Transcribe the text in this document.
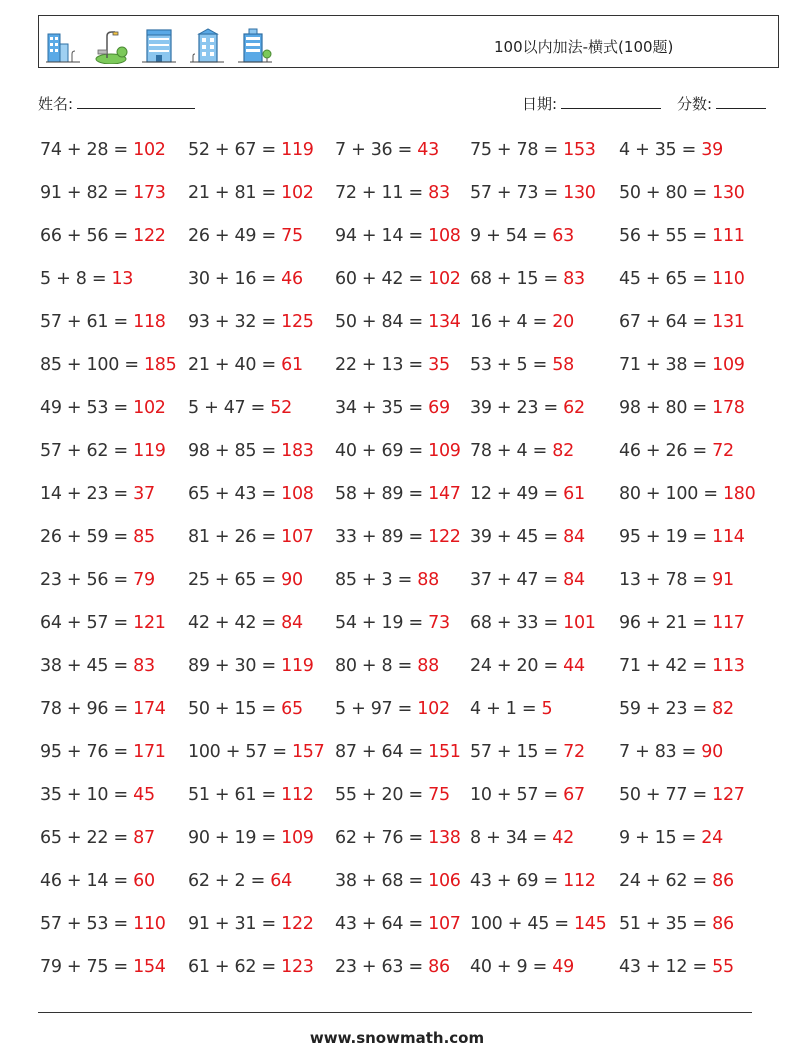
100以内加法-横式(100题)
姓名:	日期:	分数:
74 + 28 = 102 52 + 67 = 119 7 + 36 = 43 75 + 78 = 153 4 + 35 = 39
91 + 82 = 173 21 + 81 = 102 72 + 11 = 83 57 + 73 = 130 50 + 80 = 130
66 + 56 = 122 26 + 49 = 75 94 + 14 = 108 9 + 54 = 63	56 + 55 = 111
5 + 8 = 13	30 + 16 = 46 60 + 42 = 102 68 + 15 = 83 45 + 65 = 110
57 + 61 = 118 93 + 32 = 125 50 + 84 = 134 16 + 4 = 20	67 + 64 = 131
85 + 100 = 185 21 + 40 = 61 22 + 13 = 35 53 + 5 = 58	71 + 38 = 109
49 + 53 = 102 5 + 47 = 52 34 + 35 = 69 39 + 23 = 62 98 + 80 = 178
57 + 62 = 119 98 + 85 = 183 40 + 69 = 109 78 + 4 = 82	46 + 26 = 72
14 + 23 = 37 65 + 43 = 108 58 + 89 = 147 12 + 49 = 61 80 + 100 = 180
26 + 59 = 85 81 + 26 = 107 33 + 89 = 122 39 + 45 = 84 95 + 19 = 114
23 + 56 = 79 25 + 65 = 90 85 + 3 = 88 37 + 47 = 84 13 + 78 = 91
64 + 57 = 121 42 + 42 = 84 54 + 19 = 73 68 + 33 = 101 96 + 21 = 117
38 + 45 = 83 89 + 30 = 119 80 + 8 = 88 24 + 20 = 44 71 + 42 = 113
78 + 96 = 174 50 + 15 = 65 5 + 97 = 102 4 + 1 = 5	59 + 23 = 82
95 + 76 = 171 100 + 57 = 157 87 + 64 = 151 57 + 15 = 72 7 + 83 = 90
35 + 10 = 45 51 + 61 = 112 55 + 20 = 75 10 + 57 = 67 50 + 77 = 127
65 + 22 = 87 90 + 19 = 109 62 + 76 = 138 8 + 34 = 42	9 + 15 = 24
46 + 14 = 60 62 + 2 = 64 38 + 68 = 106 43 + 69 = 112 24 + 62 = 86
57 + 53 = 110 91 + 31 = 122 43 + 64 = 107 100 + 45 = 145 51 + 35 = 86
79 + 75 = 154 61 + 62 = 123 23 + 63 = 86 40 + 9 = 49	43 + 12 = 55
www.snowmath.com
